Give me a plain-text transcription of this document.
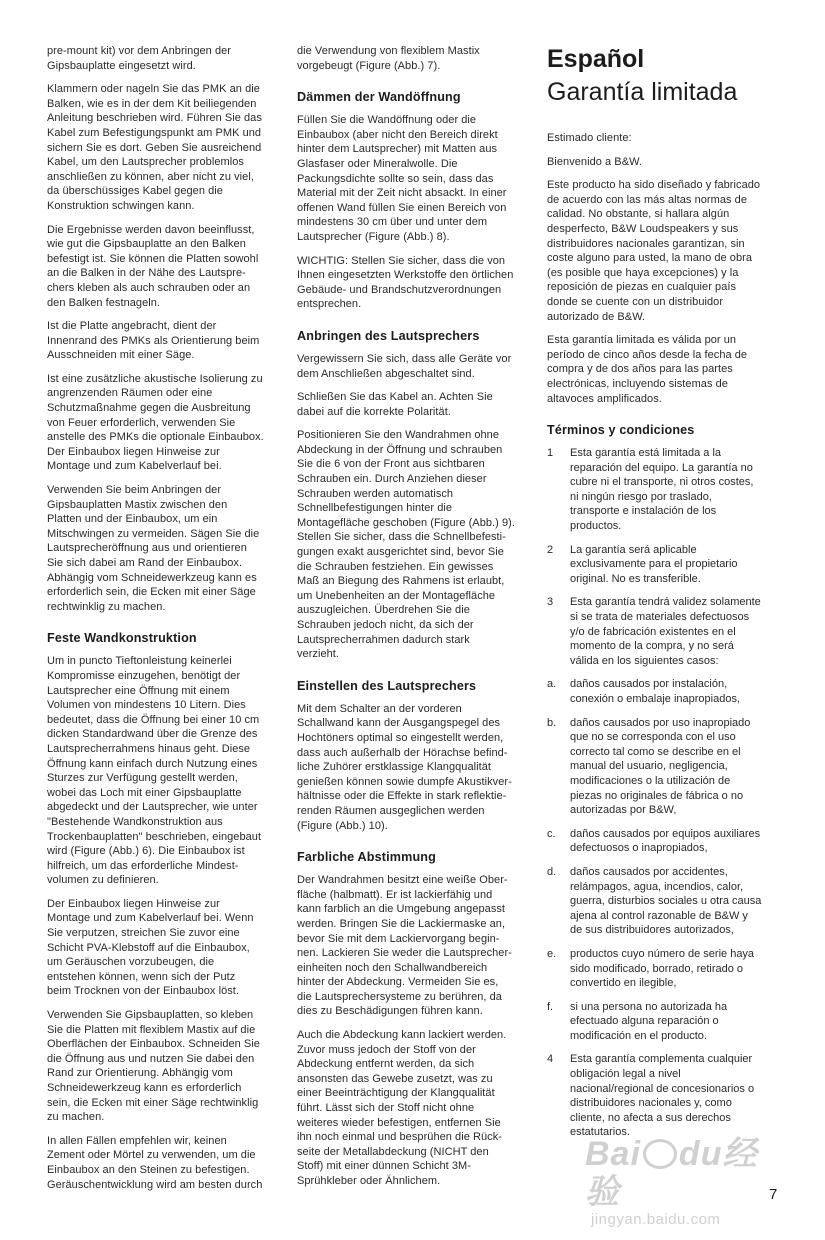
pre-mount kit) vor dem Anbringen der
Gipsbauplatte eingesetzt wird.

Klammern oder nageln Sie das PMK an die
Balken, wie es in der dem Kit beiliegenden
Anleitung beschrieben wird. Führen Sie das
Kabel zum Befestigungspunkt am PMK und
sichern Sie es dort. Geben Sie ausreichend
Kabel, um den Lautsprecher problemlos
anschließen zu können, aber nicht zu viel,
da überschüssiges Kabel gegen die
Konstruktion schwingen kann.

Die Ergebnisse werden davon beeinflusst,
wie gut die Gipsbauplatte an den Balken
befestigt ist. Sie können die Platten sowohl
an die Balken in der Nähe des Lautspre-
chers kleben als auch schrauben oder an
den Balken festnageln.

Ist die Platte angebracht, dient der
Innenrand des PMKs als Orientierung beim
Ausschneiden mit einer Säge.

Ist eine zusätzliche akustische Isolierung zu
angrenzenden Räumen oder eine
Schutzmaßnahme gegen die Ausbreitung
von Feuer erforderlich, verwenden Sie
anstelle des PMKs die optionale Einbaubox.
Der Einbaubox liegen Hinweise zur
Montage und zum Kabelverlauf bei.

Verwenden Sie beim Anbringen der
Gipsbauplatten Mastix zwischen den
Platten und der Einbaubox, um ein
Mitschwingen zu vermeiden. Sägen Sie die
Lautsprecheröffnung aus und orientieren
Sie sich dabei am Rand der Einbaubox.
Abhängig vom Schneidewerkzeug kann es
erforderlich sein, die Ecken mit einer Säge
rechtwinklig zu machen.

Feste Wandkonstruktion

Um in puncto Tieftonleistung keinerlei
Kompromisse einzugehen, benötigt der
Lautsprecher eine Öffnung mit einem
Volumen von mindestens 10 Litern. Dies
bedeutet, dass die Öffnung bei einer 10 cm
dicken Standardwand über die Grenze des
Lautsprecherrahmens hinaus geht. Diese
Öffnung kann einfach durch Nutzung eines
Sturzes zur Verfügung gestellt werden,
wobei das Loch mit einer Gipsbauplatte
abgedeckt und der Lautsprecher, wie unter
"Bestehende Wandkonstruktion aus
Trockenbauplatten" beschrieben, eingebaut
wird (Figure (Abb.) 6). Die Einbaubox ist
hilfreich, um das erforderliche Mindest-
volumen zu definieren.

Der Einbaubox liegen Hinweise zur
Montage und zum Kabelverlauf bei. Wenn
Sie verputzen, streichen Sie zuvor eine
Schicht PVA-Klebstoff auf die Einbaubox,
um Geräuschen vorzubeugen, die
entstehen können, wenn sich der Putz
beim Trocknen von der Einbaubox löst.

Verwenden Sie Gipsbauplatten, so kleben
Sie die Platten mit flexiblem Mastix auf die
Oberflächen der Einbaubox. Schneiden Sie
die Öffnung aus und nutzen Sie dabei den
Rand zur Orientierung. Abhängig vom
Schneidewerkzeug kann es erforderlich
sein, die Ecken mit einer Säge rechtwinklig
zu machen.

In allen Fällen empfehlen wir, keinen
Zement oder Mörtel zu verwenden, um die
Einbaubox an den Steinen zu befestigen.
Geräuschentwicklung wird am besten durch

die Verwendung von flexiblem Mastix
vorgebeugt (Figure (Abb.) 7).

Dämmen der Wandöffnung

Füllen Sie die Wandöffnung oder die
Einbaubox (aber nicht den Bereich direkt
hinter dem Lautsprecher) mit Matten aus
Glasfaser oder Mineralwolle. Die
Packungsdichte sollte so sein, dass das
Material mit der Zeit nicht absackt. In einer
offenen Wand füllen Sie einen Bereich von
mindestens 30 cm über und unter dem
Lautsprecher (Figure (Abb.) 8).

WICHTIG: Stellen Sie sicher, dass die von
Ihnen eingesetzten Werkstoffe den örtlichen
Gebäude- und Brandschutzverordnungen
entsprechen.

Anbringen des Lautsprechers

Vergewissern Sie sich, dass alle Geräte vor
dem Anschließen abgeschaltet sind.

Schließen Sie das Kabel an. Achten Sie
dabei auf die korrekte Polarität.

Positionieren Sie den Wandrahmen ohne
Abdeckung in der Öffnung und schrauben
Sie die 6 von der Front aus sichtbaren
Schrauben ein. Durch Anziehen dieser
Schrauben werden automatisch
Schnellbefestigungen hinter die
Montagefläche geschoben (Figure (Abb.) 9).
Stellen Sie sicher, dass die Schnellbefesti-
gungen exakt ausgerichtet sind, bevor Sie
die Schrauben festziehen. Ein gewisses
Maß an Biegung des Rahmens ist erlaubt,
um Unebenheiten an der Montagefläche
auszugleichen. Überdrehen Sie die
Schrauben jedoch nicht, da sich der
Lautsprecherrahmen dadurch stark
verzieht.

Einstellen des Lautsprechers

Mit dem Schalter an der vorderen
Schallwand kann der Ausgangspegel des
Hochtöners optimal so eingestellt werden,
dass auch außerhalb der Hörachse befind-
liche Zuhörer erstklassige Klangqualität
genießen können sowie dumpfe Akustikver-
hältnisse oder die Effekte in stark reflektie-
renden Räumen ausgeglichen werden
(Figure (Abb.) 10).

Farbliche Abstimmung

Der Wandrahmen besitzt eine weiße Ober-
fläche (halbmatt). Er ist lackierfähig und
kann farblich an die Umgebung angepasst
werden. Bringen Sie die Lackiermaske an,
bevor Sie mit dem Lackiervorgang begin-
nen. Lackieren Sie weder die Lautsprecher-
einheiten noch den Schallwandbereich
hinter der Abdeckung. Vermeiden Sie es,
die Lautsprechersysteme zu berühren, da
dies zu Beschädigungen führen kann.

Auch die Abdeckung kann lackiert werden.
Zuvor muss jedoch der Stoff von der
Abdeckung entfernt werden, da sich
ansonsten das Gewebe zusetzt, was zu
einer Beeinträchtigung der Klangqualität
führt. Lässt sich der Stoff nicht ohne
weiteres wieder befestigen, entfernen Sie
ihn noch einmal und besprühen die Rück-
seite der Metallabdeckung (NICHT den
Stoff) mit einer dünnen Schicht 3M-
Sprühkleber oder Ähnlichem.

Español
Garantía limitada

Estimado cliente:

Bienvenido a B&W.

Este producto ha sido diseñado y fabricado
de acuerdo con las más altas normas de
calidad. No obstante, si hallara algún
desperfecto, B&W Loudspeakers y sus
distribuidores nacionales garantizan, sin
coste alguno para usted, la mano de obra
(es posible que haya excepciones) y la
reposición de piezas en cualquier país
donde se cuente con un distribuidor
autorizado de B&W.

Esta garantía limitada es válida por un
período de cinco años desde la fecha de
compra y de dos años para las partes
electrónicas, incluyendo sistemas de
altavoces amplificados.

Términos y condiciones
1	Esta garantía está limitada a la
reparación del equipo. La garantía no
cubre ni el transporte, ni otros costes,
ni ningún riesgo por traslado,
transporte e instalación de los
productos.
2	La garantía será aplicable
exclusivamente para el propietario
original. No es transferible.
3	Esta garantía tendrá validez solamente
si se trata de materiales defectuosos
y/o de fabricación existentes en el
momento de la compra, y no será
válida en los siguientes casos:
a.	daños causados por instalación,
conexión o embalaje inapropiados,
b.	daños causados por uso inapropiado
que no se corresponda con el uso
correcto tal como se describe en el
manual del usuario, negligencia,
modificaciones o la utilización de
piezas no originales de fábrica o no
autorizadas por B&W,
c.	daños causados por equipos auxiliares
defectuosos o inapropiados,
d.	daños causados por accidentes,
relámpagos, agua, incendios, calor,
guerra, disturbios sociales u otra causa
ajena al control razonable de B&W y
de sus distribuidores autorizados,
e.	productos cuyo número de serie haya
sido modificado, borrado, retirado o
convertido en ilegible,
f.	si una persona no autorizada ha
efectuado alguna reparación o
modificación en el producto.
4	Esta garantía complementa cualquier
obligación legal a nivel
nacional/regional de concesionarios o
distribuidores nacionales y, como
cliente, no afecta a sus derechos
estatutarios.
Bai du经验
jingyan.baidu.com
7
